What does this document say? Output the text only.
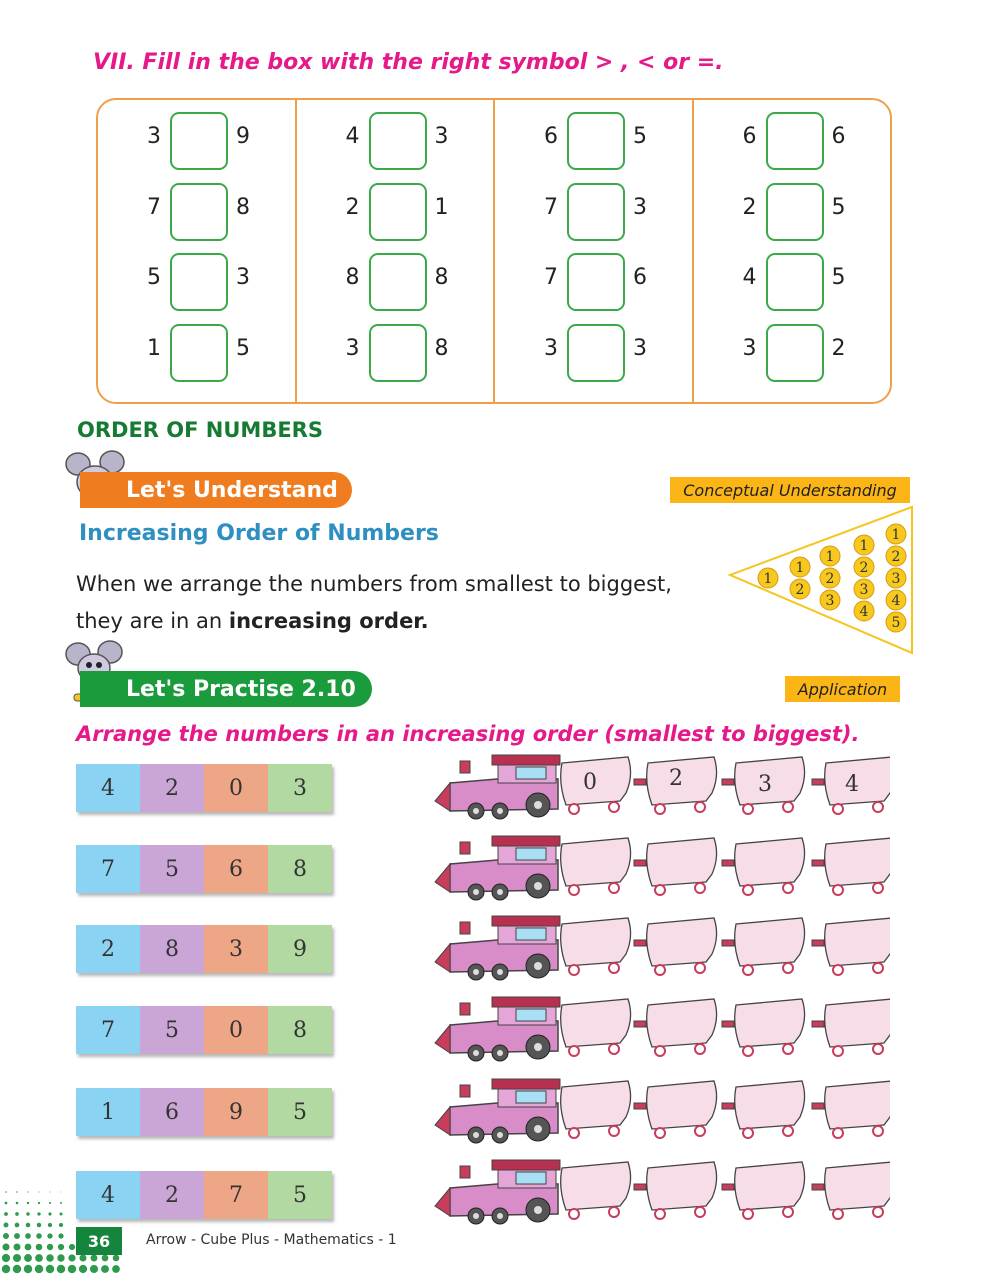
VII. Fill in the box with the right symbol > , < or =.
3	9
7	8
5	3
1	5
4	3
2	1
8	8
3	8
6	5
7	3
7	6
3	3
6	6
2	5
4	5
3	2
ORDER OF NUMBERS
Let's Understand	Conceptual Understanding
Increasing Order of Numbers
When we arrange the numbers from smallest to biggest, they are in an increasing order.
1
1
2
1
2
3
1
2
3
4
1
2
3
4
5
Let's Practise 2.10	Application
Arrange the numbers in an increasing order (smallest to biggest).
4	2	0	3
7	5	6	8
2	8	3	9
7	5	0	8
1	6	9	5
4	2	7	5
0	2	3	4
36	Arrow - Cube Plus - Mathematics - 1
